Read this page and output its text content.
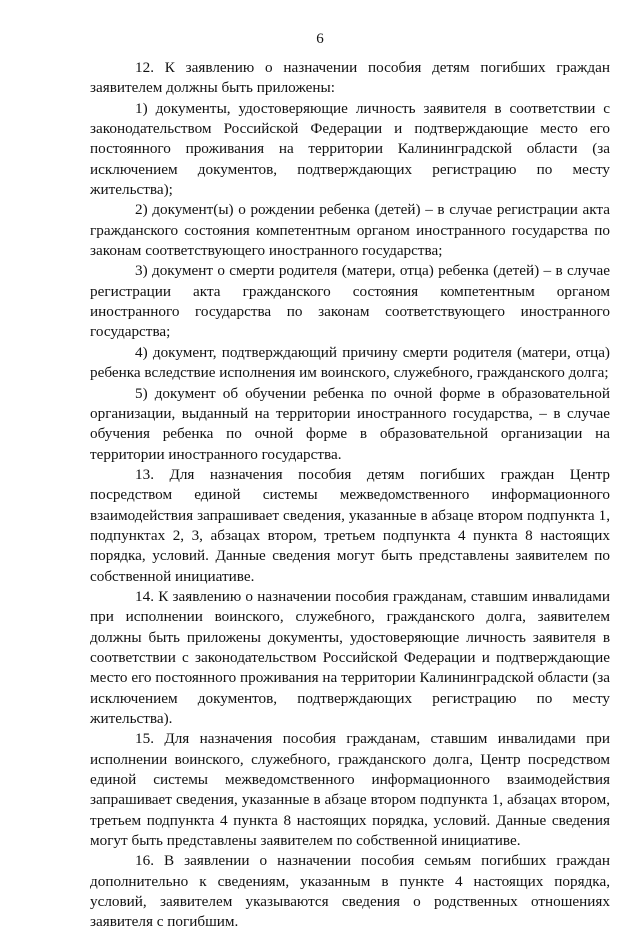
6

12. К заявлению о назначении пособия детям погибших граждан заявителем должны быть приложены:

1) документы, удостоверяющие личность заявителя в соответствии с законодательством Российской Федерации и подтверждающие место его постоянного проживания на территории Калининградской области (за исключением документов, подтверждающих регистрацию по месту жительства);

2) документ(ы) о рождении ребенка (детей) – в случае регистрации акта гражданского состояния компетентным органом иностранного государства по законам соответствующего иностранного государства;

3) документ о смерти родителя (матери, отца) ребенка (детей) – в случае регистрации акта гражданского состояния компетентным органом иностранного государства по законам соответствующего иностранного государства;

4) документ, подтверждающий причину смерти родителя (матери, отца) ребенка вследствие исполнения им воинского, служебного, гражданского долга;

5) документ об обучении ребенка по очной форме в образовательной организации, выданный на территории иностранного государства, – в случае обучения ребенка по очной форме в образовательной организации на территории иностранного государства.

13. Для назначения пособия детям погибших граждан Центр посредством единой системы межведомственного информационного взаимодействия запрашивает сведения, указанные в абзаце втором подпункта 1, подпунктах 2, 3, абзацах втором, третьем подпункта 4 пункта 8 настоящих порядка, условий. Данные сведения могут быть представлены заявителем по собственной инициативе.

14. К заявлению о назначении пособия гражданам, ставшим инвалидами при исполнении воинского, служебного, гражданского долга, заявителем должны быть приложены документы, удостоверяющие личность заявителя в соответствии с законодательством Российской Федерации и подтверждающие место его постоянного проживания на территории Калининградской области (за исключением документов, подтверждающих регистрацию по месту жительства).

15. Для назначения пособия гражданам, ставшим инвалидами при исполнении воинского, служебного, гражданского долга, Центр посредством единой системы межведомственного информационного взаимодействия запрашивает сведения, указанные в абзаце втором подпункта 1, абзацах втором, третьем подпункта 4 пункта 8 настоящих порядка, условий. Данные сведения могут быть представлены заявителем по собственной инициативе.

16. В заявлении о назначении пособия семьям погибших граждан дополнительно к сведениям, указанным в пункте 4 настоящих порядка, условий, заявителем указываются сведения о родственных отношениях заявителя с погибшим.
